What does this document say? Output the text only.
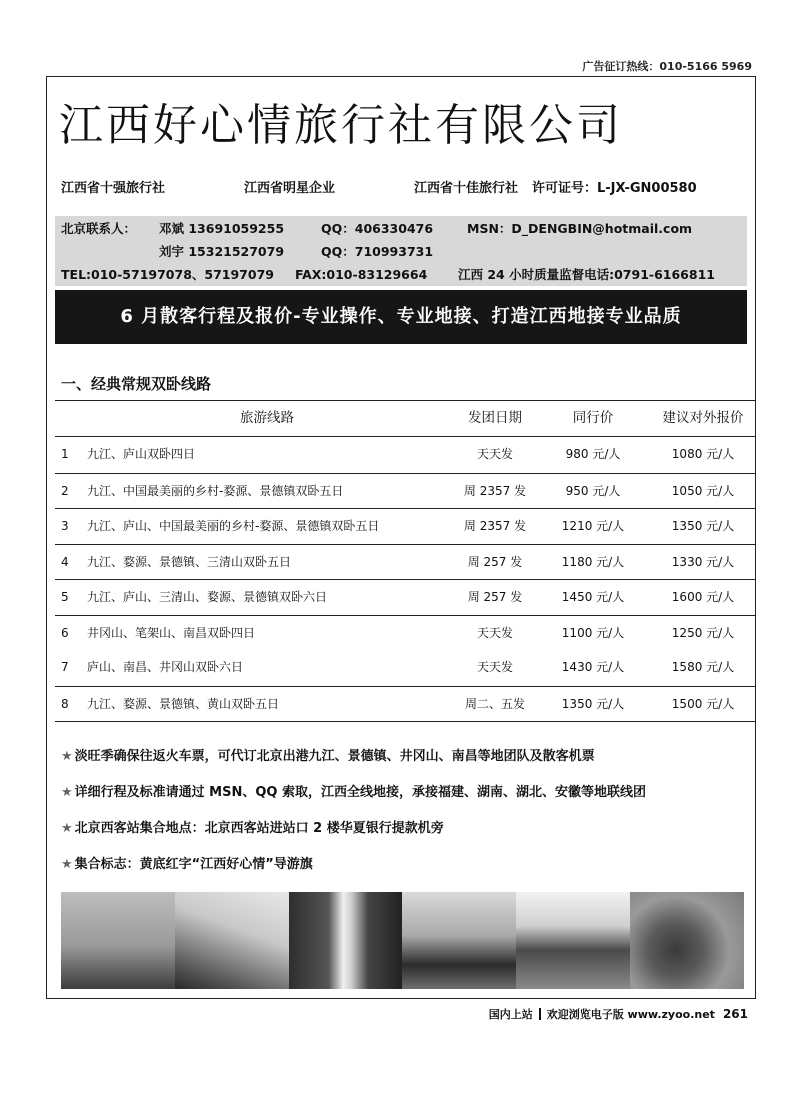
广告征订热线：010-5166 5969
江西好心情旅行社有限公司
江西省十强旅行社	江西省明星企业	江西省十佳旅行社	许可证号：L-JX-GN00580
北京联系人： 邓斌 13691059255	QQ：406330476	MSN：D_DENGBIN@hotmail.com
刘宇 15321527079	QQ：710993731
TEL:010-57197078、57197079 FAX:010-83129664 江西 24 小时质量监督电话:0791-6166811
6 月散客行程及报价-专业操作、专业地接、打造江西地接专业品质
一、经典常规双卧线路
旅游线路	发团日期	同行价	建议对外报价
1 九江、庐山双卧四日	天天发	980 元/人	1080 元/人
2 九江、中国最美丽的乡村-婺源、景德镇双卧五日	周 2357 发	950 元/人	1050 元/人
3 九江、庐山、中国最美丽的乡村-婺源、景德镇双卧五日	周 2357 发	1210 元/人	1350 元/人
4 九江、婺源、景德镇、三清山双卧五日	周 257 发	1180 元/人	1330 元/人
5 九江、庐山、三清山、婺源、景德镇双卧六日	周 257 发	1450 元/人	1600 元/人
6 井冈山、笔架山、南昌双卧四日	天天发	1100 元/人	1250 元/人
7 庐山、南昌、井冈山双卧六日	天天发	1430 元/人	1580 元/人
8 九江、婺源、景德镇、黄山双卧五日	周二、五发	1350 元/人	1500 元/人
★ 淡旺季确保往返火车票，可代订北京出港九江、景德镇、井冈山、南昌等地团队及散客机票
★ 详细行程及标准请通过 MSN、QQ 索取，江西全线地接，承接福建、湖南、湖北、安徽等地联线团
★ 北京西客站集合地点：北京西客站进站口 2 楼华夏银行提款机旁
★ 集合标志：黄底红字“江西好心情”导游旗
国内上站 欢迎浏览电子版 www.zyoo.net 261
